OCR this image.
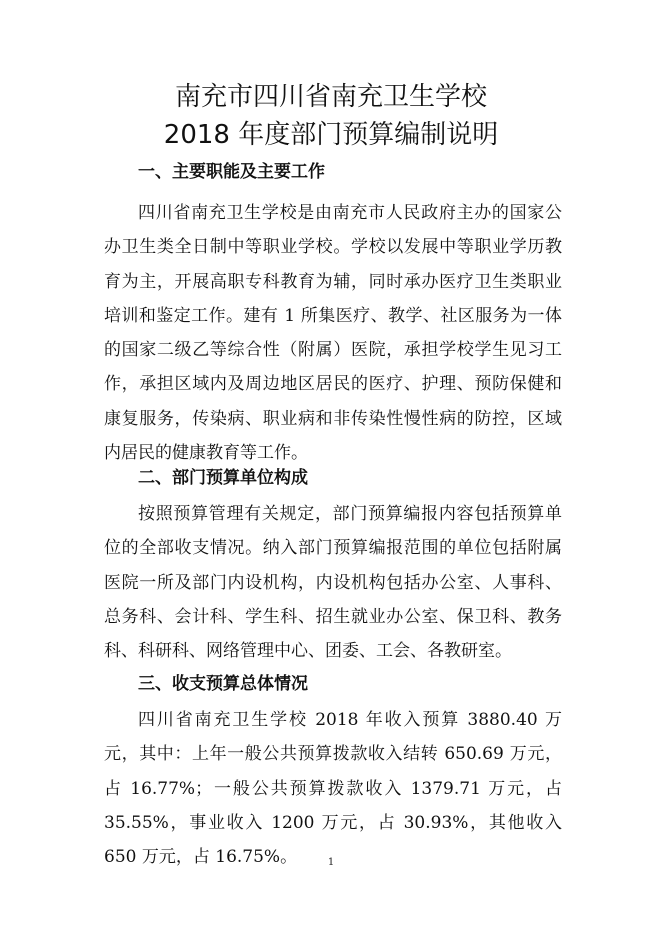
南充市四川省南充卫生学校
2018 年度部门预算编制说明
一、主要职能及主要工作

四川省南充卫生学校是由南充市人民政府主办的国家公办卫生类全日制中等职业学校。学校以发展中等职业学历教育为主，开展高职专科教育为辅，同时承办医疗卫生类职业培训和鉴定工作。建有 1 所集医疗、教学、社区服务为一体的国家二级乙等综合性（附属）医院，承担学校学生见习工作，承担区域内及周边地区居民的医疗、护理、预防保健和康复服务，传染病、职业病和非传染性慢性病的防控，区域内居民的健康教育等工作。

二、部门预算单位构成

按照预算管理有关规定，部门预算编报内容包括预算单位的全部收支情况。纳入部门预算编报范围的单位包括附属医院一所及部门内设机构，内设机构包括办公室、人事科、总务科、会计科、学生科、招生就业办公室、保卫科、教务科、科研科、网络管理中心、团委、工会、各教研室。

三、收支预算总体情况

四川省南充卫生学校 2018 年收入预算 3880.40 万元，其中：上年一般公共预算拨款收入结转 650.69 万元，占 16.77%；一般公共预算拨款收入 1379.71 万元，占 35.55%，事业收入 1200 万元，占 30.93%，其他收入 650 万元，占 16.75%。	1
